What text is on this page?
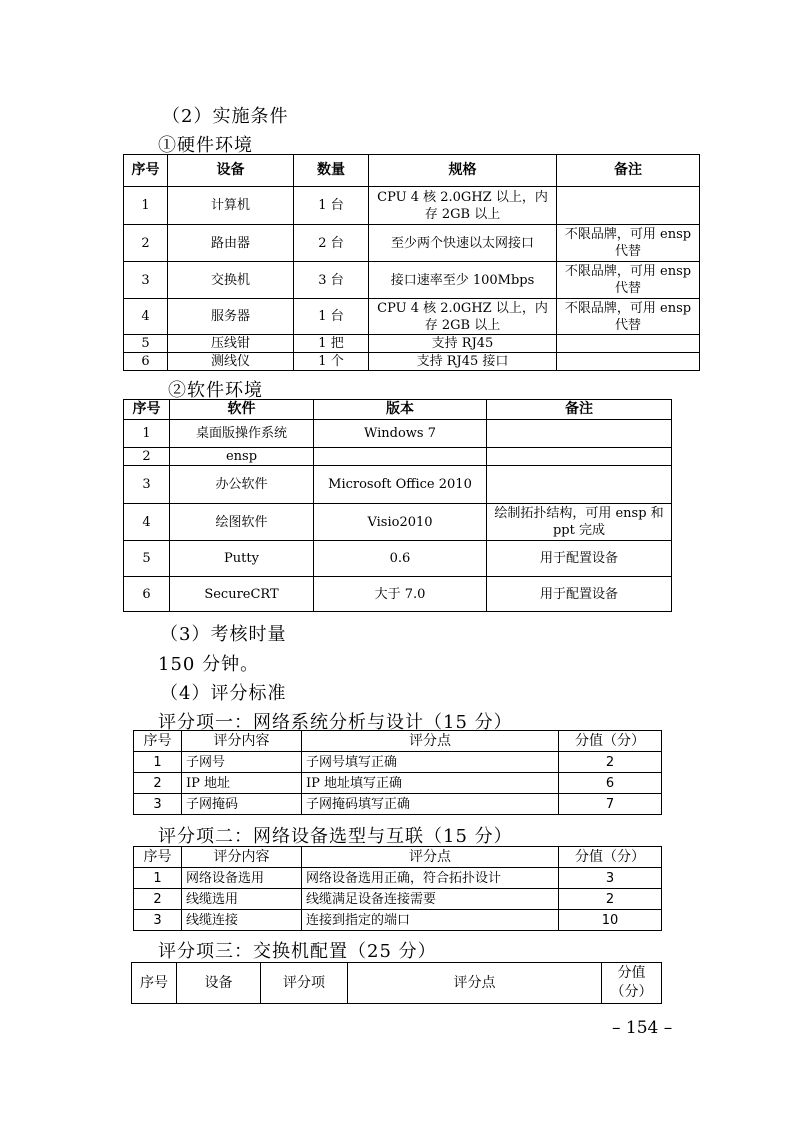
（2）实施条件
①硬件环境
序号	设备	数量	规格	备注
1	计算机	1 台	CPU 4 核 2.0GHZ 以上，内存 2GB 以上	
2	路由器	2 台	至少两个快速以太网接口	不限品牌，可用 ensp 代替
3	交换机	3 台	接口速率至少 100Mbps	不限品牌，可用 ensp 代替
4	服务器	1 台	CPU 4 核 2.0GHZ 以上，内存 2GB 以上	不限品牌，可用 ensp 代替
5	压线钳	1 把	支持 RJ45	
6	测线仪	1 个	支持 RJ45 接口	
②软件环境
序号	软件	版本	备注
1	桌面版操作系统	Windows 7	
2	ensp		
3	办公软件	Microsoft Office 2010	
4	绘图软件	Visio2010	绘制拓扑结构，可用 ensp 和 ppt 完成
5	Putty	0.6	用于配置设备
6	SecureCRT	大于 7.0	用于配置设备
（3）考核时量
150 分钟。
（4）评分标准
评分项一：网络系统分析与设计（15 分）
序号	评分内容	评分点	分值（分）
1	子网号	子网号填写正确	2
2	IP 地址	IP 地址填写正确	6
3	子网掩码	子网掩码填写正确	7
评分项二：网络设备选型与互联（15 分）
序号	评分内容	评分点	分值（分）
1	网络设备选用	网络设备选用正确，符合拓扑设计	3
2	线缆选用	线缆满足设备连接需要	2
3	线缆连接	连接到指定的端口	10
评分项三：交换机配置（25 分）
序号	设备	评分项	评分点	分值（分）
– 154 –
